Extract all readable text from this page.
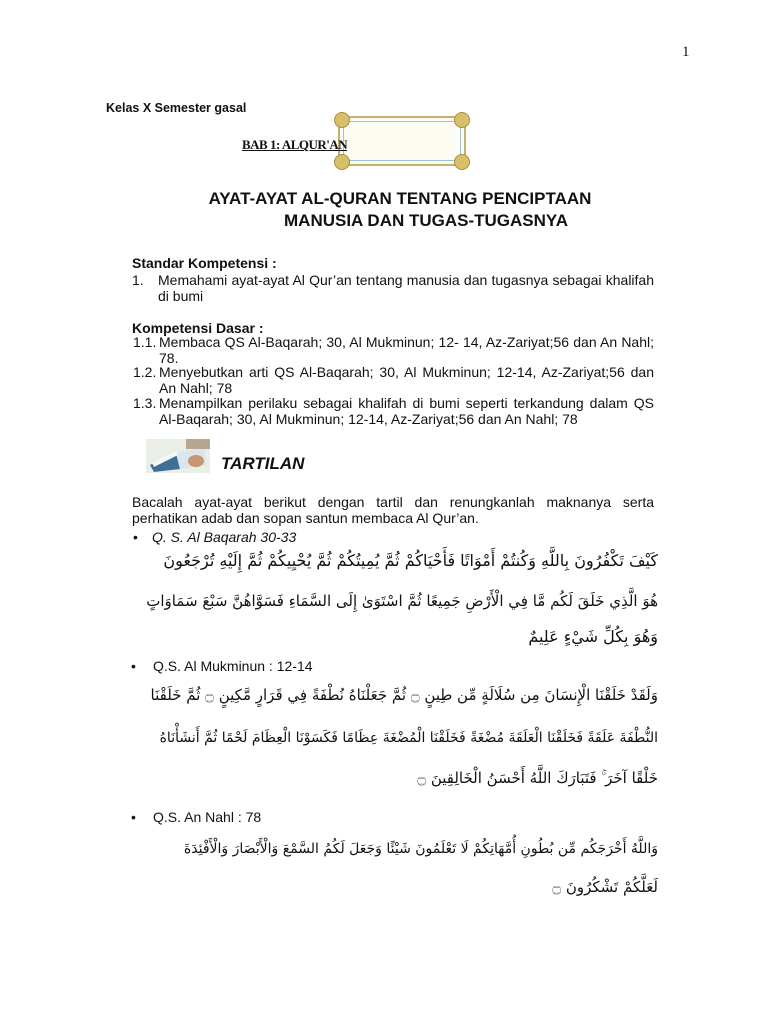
1
Kelas X Semester gasal
BAB 1: ALQUR'AN
AYAT-AYAT AL-QURAN TENTANG PENCIPTAAN
MANUSIA DAN TUGAS-TUGASNYA
Standar Kompetensi :
1. Memahami ayat-ayat Al Qur’an tentang manusia dan tugasnya sebagai khalifah di bumi
Kompetensi Dasar :
1.1. Membaca QS Al-Baqarah; 30, Al Mukminun; 12- 14, Az-Zariyat;56 dan An Nahl; 78.
1.2. Menyebutkan arti QS Al-Baqarah; 30, Al Mukminun; 12-14, Az-Zariyat;56 dan An Nahl; 78
1.3. Menampilkan perilaku sebagai khalifah di bumi seperti terkandung dalam QS Al-Baqarah; 30, Al Mukminun; 12-14, Az-Zariyat;56 dan An Nahl; 78
TARTILAN
Bacalah ayat-ayat berikut dengan tartil dan renungkanlah maknanya serta perhatikan adab dan sopan santun membaca Al Qur’an.
• Q. S. Al Baqarah 30-33
كَيْفَ تَكْفُرُونَ بِاللَّهِ وَكُنتُمْ أَمْوَاتًا فَأَحْيَاكُمْ ثُمَّ يُمِيتُكُمْ ثُمَّ يُحْيِيكُمْ ثُمَّ إِلَيْهِ تُرْجَعُونَ
هُوَ الَّذِي خَلَقَ لَكُم مَّا فِي الْأَرْضِ جَمِيعًا ثُمَّ اسْتَوَىٰ إِلَى السَّمَاءِ فَسَوَّاهُنَّ سَبْعَ سَمَاوَاتٍ
وَهُوَ بِكُلِّ شَيْءٍ عَلِيمٌ
• Q.S. Al Mukminun : 12-14
وَلَقَدْ خَلَقْنَا الْإِنسَانَ مِن سُلَالَةٍ مِّن طِينٍ ۝ ثُمَّ جَعَلْنَاهُ نُطْفَةً فِي قَرَارٍ مَّكِينٍ ۝ ثُمَّ خَلَقْنَا
النُّطْفَةَ عَلَقَةً فَخَلَقْنَا الْعَلَقَةَ مُضْغَةً فَخَلَقْنَا الْمُضْغَةَ عِظَامًا فَكَسَوْنَا الْعِظَامَ لَحْمًا ثُمَّ أَنشَأْنَاهُ
خَلْقًا آخَرَ ۚ فَتَبَارَكَ اللَّهُ أَحْسَنُ الْخَالِقِينَ ۝
• Q.S. An Nahl : 78
وَاللَّهُ أَخْرَجَكُم مِّن بُطُونِ أُمَّهَاتِكُمْ لَا تَعْلَمُونَ شَيْئًا وَجَعَلَ لَكُمُ السَّمْعَ وَالْأَبْصَارَ وَالْأَفْئِدَةَ
لَعَلَّكُمْ تَشْكُرُونَ ۝
